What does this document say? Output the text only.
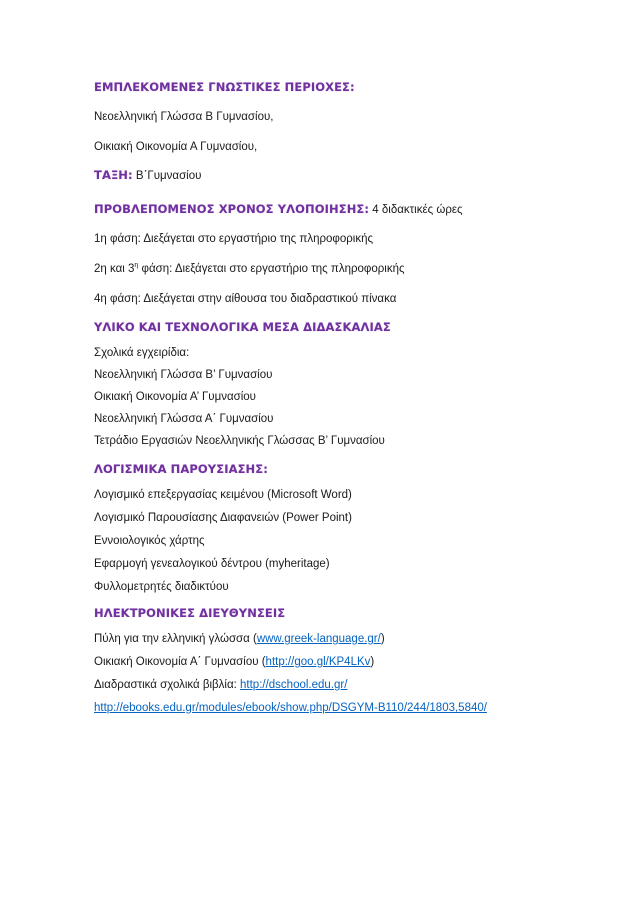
ΕΜΠΛΕΚΟΜΕΝΕΣ ΓΝΩΣΤΙΚΕΣ ΠΕΡΙΟΧΕΣ:
Νεοελληνική Γλώσσα Β Γυμνασίου,
Οικιακή Οικονομία Α Γυμνασίου,
ΤΑΞΗ: Β΄Γυμνασίου
ΠΡΟΒΛΕΠΟΜΕΝΟΣ ΧΡΟΝΟΣ ΥΛΟΠΟΙΗΣΗΣ: 4 διδακτικές ώρες
1η φάση: Διεξάγεται στο εργαστήριο της πληροφορικής
2η και $3^\eta$ φάση: Διεξάγεται στο εργαστήριο της πληροφορικής
4η φάση: Διεξάγεται στην αίθουσα του διαδραστικού πίνακα
ΥΛΙΚΟ ΚΑΙ ΤΕΧΝΟΛΟΓΙΚΑ ΜΕΣΑ ΔΙΔΑΣΚΑΛΙΑΣ
Σχολικά εγχειρίδια:
Νεοελληνική Γλώσσα Β’ Γυμνασίου
Οικιακή Οικονομία Α’ Γυμνασίου
Νεοελληνική Γλώσσα Α΄ Γυμνασίου
Τετράδιο Εργασιών Νεοελληνικής Γλώσσας Β’ Γυμνασίου
ΛΟΓΙΣΜΙΚΑ ΠΑΡΟΥΣΙΑΣΗΣ:
Λογισμικό επεξεργασίας κειμένου (Microsoft Word)
Λογισμικό Παρουσίασης Διαφανειών (Power Point)
Εννοιολογικός χάρτης
Εφαρμογή γενεαλογικού δέντρου (myheritage)
Φυλλομετρητές διαδικτύου
ΗΛΕΚΤΡΟΝΙΚΕΣ ΔΙΕΥΘΥΝΣΕΙΣ
Πύλη για την ελληνική γλώσσα (www.greek-language.gr/)
Οικιακή Οικονομία Α΄ Γυμνασίου (http://goo.gl/KP4LKv)
Διαδραστικά σχολικά βιβλία: http://dschool.edu.gr/
http://ebooks.edu.gr/modules/ebook/show.php/DSGYM-B110/244/1803,5840/
